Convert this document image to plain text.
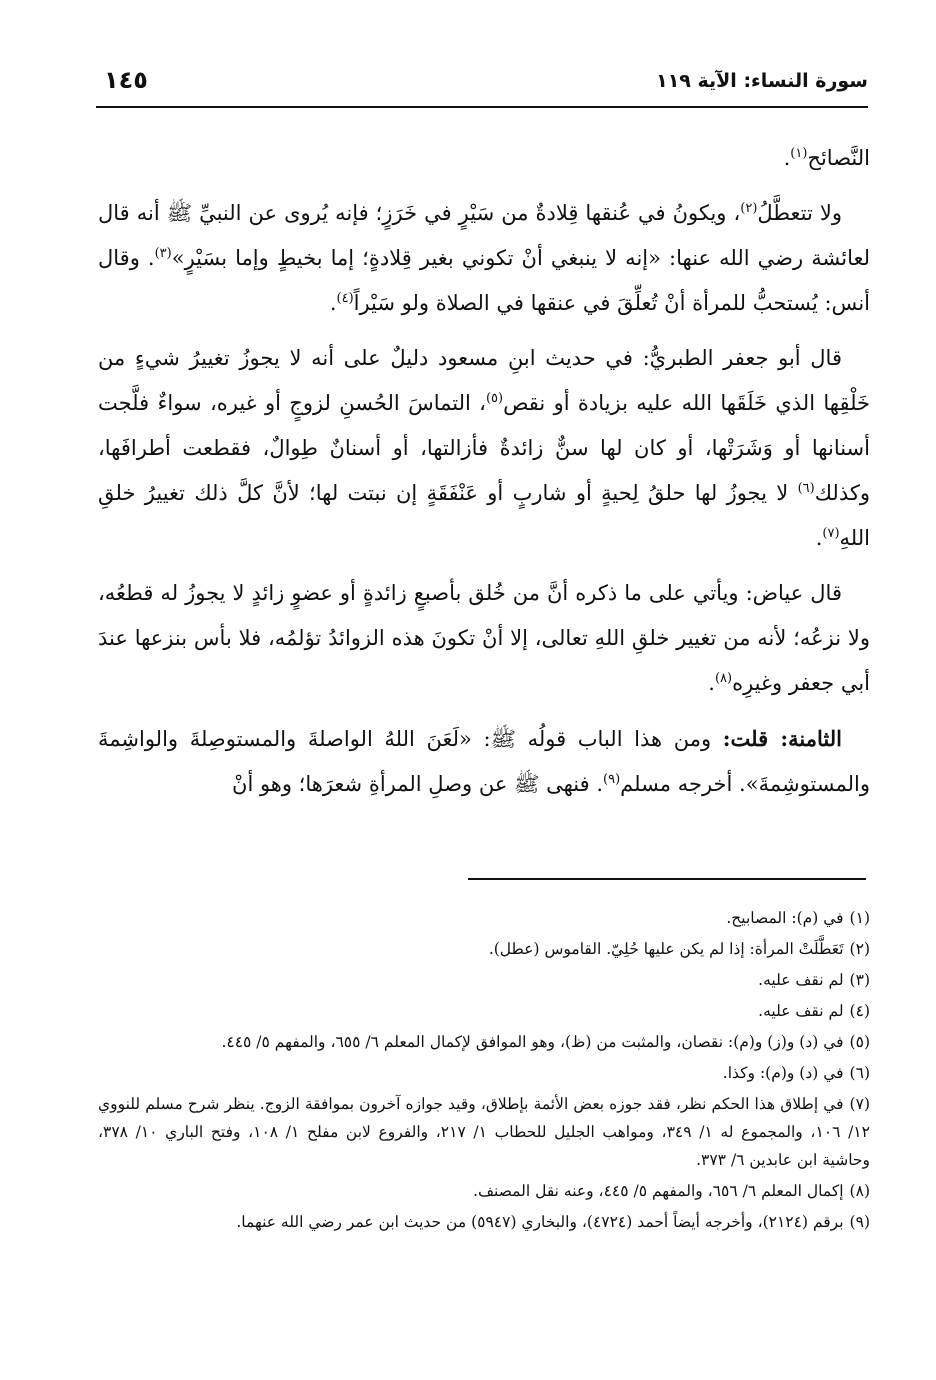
سورة النساء: الآية ١١٩
١٤٥

النَّصائح$^{(١)}$.

ولا تتعطَّلُ$^{(٢)}$، ويكونُ في عُنقها قِلادةٌ من سَيْرٍ في خَرَزٍ؛ فإنه يُروى عن النبيِّ ﷺ أنه قال لعائشة رضي الله عنها: «إنه لا ينبغي أنْ تكوني بغير قِلادةٍ؛ إما بخيطٍ وإما بسَيْرٍ»$^{(٣)}$. وقال أنس: يُستحبُّ للمرأة أنْ تُعلِّقَ في عنقها في الصلاة ولو سَيْراً$^{(٤)}$.

قال أبو جعفر الطبريُّ: في حديث ابنِ مسعود دليلٌ على أنه لا يجوزُ تغييرُ شيءٍ من خَلْقِها الذي خَلَقَها الله عليه بزيادة أو نقص$^{(٥)}$، التماسَ الحُسنِ لزوجٍ أو غيره، سواءٌ فلَّجت أسنانها أو وَشَرَتْها، أو كان لها سنٌّ زائدةٌ فأزالتها، أو أسنانٌ طِوالٌ، فقطعت أطرافَها، وكذلك$^{(٦)}$ لا يجوزُ لها حلقُ لِحيةٍ أو شاربٍ أو عَنْفَقَةٍ إن نبتت لها؛ لأنَّ كلَّ ذلك تغييرُ خلقِ اللهِ$^{(٧)}$.

قال عياض: ويأتي على ما ذكره أنَّ من خُلق بأصبعٍ زائدةٍ أو عضوٍ زائدٍ لا يجوزُ له قطعُه، ولا نزعُه؛ لأنه من تغيير خلقِ اللهِ تعالى، إلا أنْ تكونَ هذه الزوائدُ تؤلمُه، فلا بأس بنزعها عندَ أبي جعفر وغيرِه$^{(٨)}$.

الثامنة: قلت: ومن هذا الباب قولُه ﷺ: «لَعَنَ اللهُ الواصلةَ والمستوصِلةَ والواشِمةَ والمستوشِمةَ». أخرجه مسلم$^{(٩)}$. فنهى ﷺ عن وصلِ المرأةِ شعرَها؛ وهو أنْ

(١)في (م): المصابيح.
(٢)تَعَطَّلَتْ المرأة: إذا لم يكن عليها حُلِيّ. القاموس (عطل).
(٣)لم نقف عليه.
(٤)لم نقف عليه.
(٥)في (د) و(ز) و(م): نقصان، والمثبت من (ظ)، وهو الموافق لإكمال المعلم ٦/ ٦٥٥، والمفهم ٥/ ٤٤٥.
(٦)في (د) و(م): وكذا.
(٧)في إطلاق هذا الحكم نظر، فقد جوزه بعض الأئمة بإطلاق، وقيد جوازه آخرون بموافقة الزوج. ينظر شرح مسلم للنووي ١٢/ ١٠٦، والمجموع له ١/ ٣٤٩، ومواهب الجليل للحطاب ١/ ٢١٧، والفروع لابن مفلح ١/ ١٠٨، وفتح الباري ١٠/ ٣٧٨، وحاشية ابن عابدين ٦/ ٣٧٣.
(٨)إكمال المعلم ٦/ ٦٥٦، والمفهم ٥/ ٤٤٥، وعنه نقل المصنف.
(٩)برقم (٢١٢٤)، وأخرجه أيضاً أحمد (٤٧٢٤)، والبخاري (٥٩٤٧) من حديث ابن عمر رضي الله عنهما.
